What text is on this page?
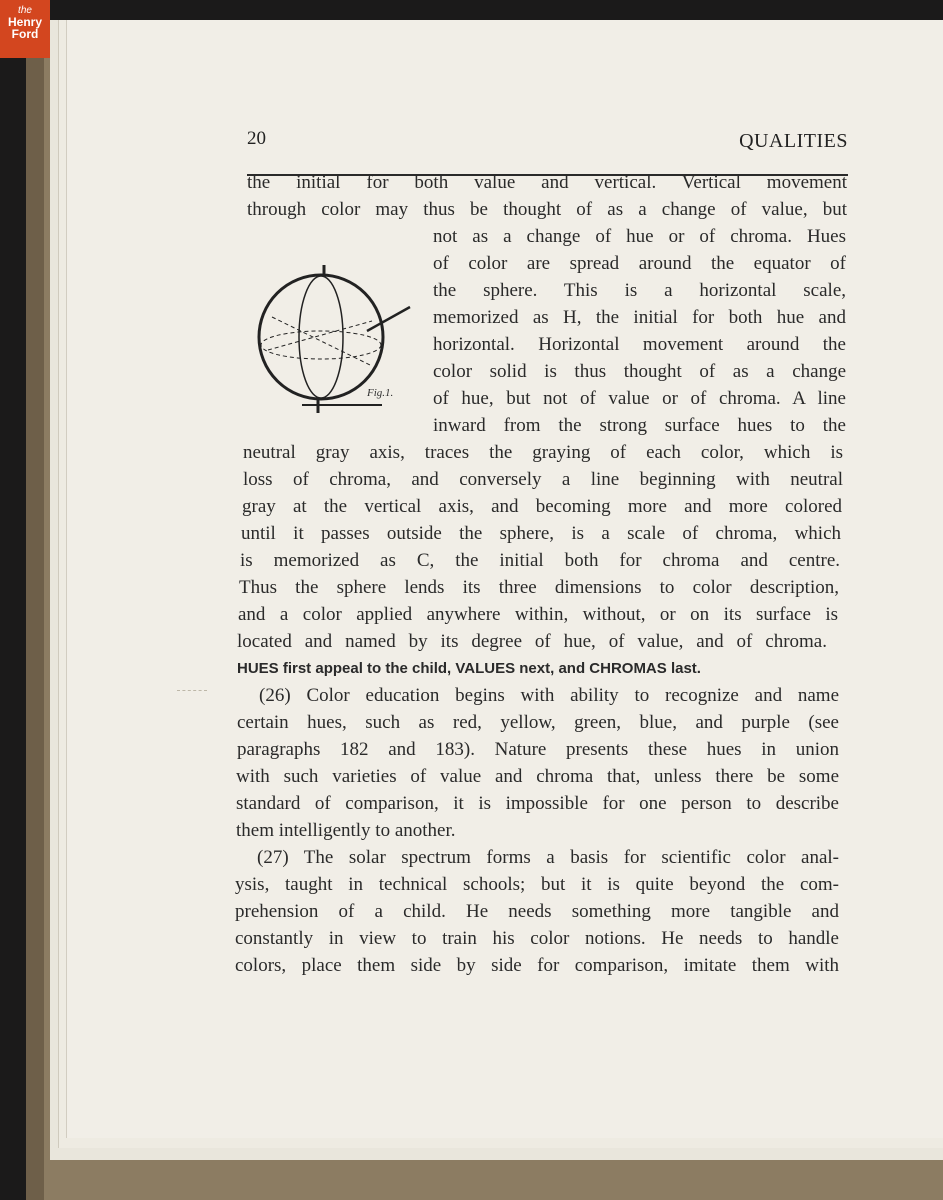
the
Henry
Ford
20	QUALITIES
Fig.1.
the initial for both value and vertical. Vertical movement
through color may thus be thought of as a change of value, but
not as a change of hue or of chroma. Hues
of color are spread around the equator of
the sphere. This is a horizontal scale,
memorized as H, the initial for both hue and
horizontal. Horizontal movement around the
color solid is thus thought of as a change
of hue, but not of value or of chroma. A line
inward from the strong surface hues to the
neutral gray axis, traces the graying of each color, which is
loss of chroma, and conversely a line beginning with neutral
gray at the vertical axis, and becoming more and more colored
until it passes outside the sphere, is a scale of chroma, which
is memorized as C, the initial both for chroma and centre.
Thus the sphere lends its three dimensions to color description,
and a color applied anywhere within, without, or on its surface is
located and named by its degree of hue, of value, and of chroma.
HUES first appeal to the child, VALUES next, and CHROMAS last.
(26) Color education begins with ability to recognize and name
certain hues, such as red, yellow, green, blue, and purple (see
paragraphs 182 and 183). Nature presents these hues in union
with such varieties of value and chroma that, unless there be some
standard of comparison, it is impossible for one person to describe
them intelligently to another.
(27) The solar spectrum forms a basis for scientific color anal-
ysis, taught in technical schools; but it is quite beyond the com-
prehension of a child. He needs something more tangible and
constantly in view to train his color notions. He needs to handle
colors, place them side by side for comparison, imitate them with
